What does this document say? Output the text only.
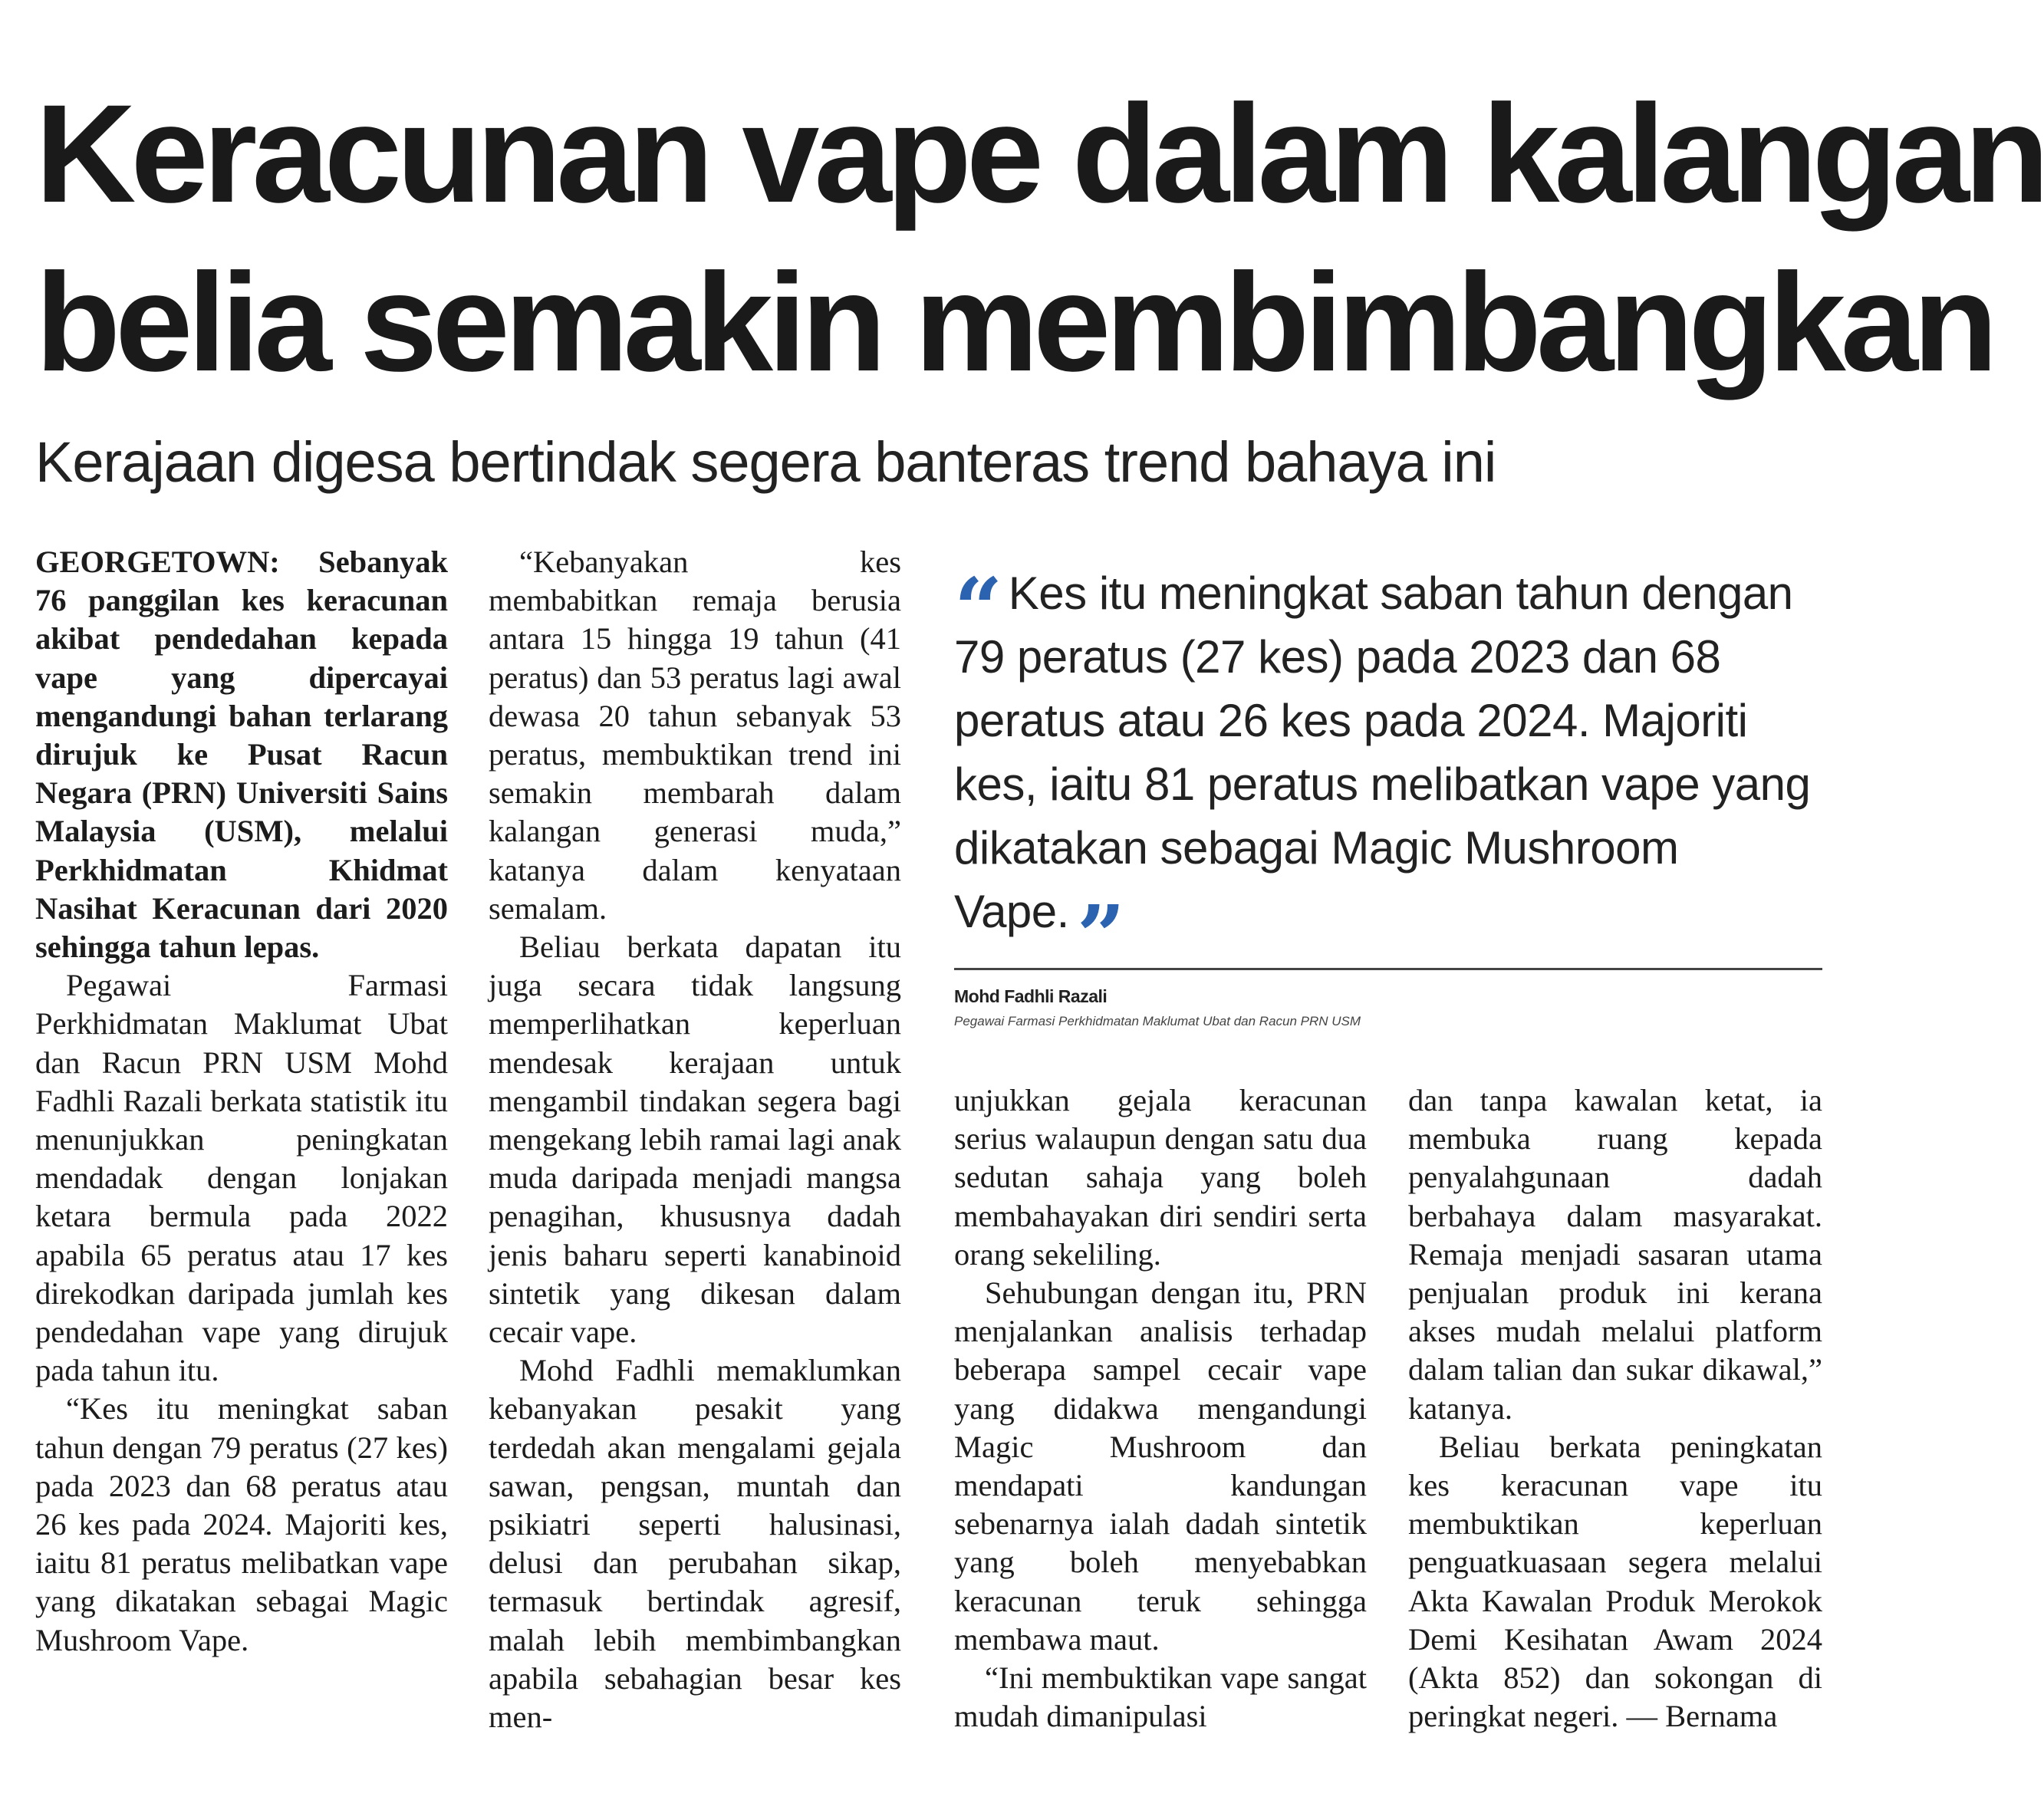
Keracunan vape dalam kalangan
belia semakin membimbangkan
Kerajaan digesa bertindak segera banteras trend bahaya ini

GEORGETOWN: Sebanyak 76 panggilan kes keracunan akibat pendedahan kepada vape yang dipercayai mengandungi bahan terlarang dirujuk ke Pusat Racun Negara (PRN) Universiti Sains Malaysia (USM), melalui Perkhidmatan Khidmat Nasihat Keracunan dari 2020 sehingga tahun lepas.

Pegawai Farmasi Perkhidmatan Maklumat Ubat dan Racun PRN USM Mohd Fadhli Razali berkata statistik itu menunjukkan peningkatan mendadak dengan lonjakan ketara bermula pada 2022 apabila 65 peratus atau 17 kes direkodkan daripada jumlah kes pendedahan vape yang dirujuk pada tahun itu.

“Kes itu meningkat saban tahun dengan 79 peratus (27 kes) pada 2023 dan 68 peratus atau 26 kes pada 2024. Majoriti kes, iaitu 81 peratus melibatkan vape yang dikatakan sebagai Magic Mushroom Vape.

“Kebanyakan kes membabitkan remaja berusia antara 15 hingga 19 tahun (41 peratus) dan 53 peratus lagi awal dewasa 20 tahun sebanyak 53 peratus, membuktikan trend ini semakin membarah dalam kalangan generasi muda,” katanya dalam kenyataan semalam.

Beliau berkata dapatan itu juga secara tidak langsung memperlihatkan keperluan mendesak kerajaan untuk mengambil tindakan segera bagi mengekang lebih ramai lagi anak muda daripada menjadi mangsa penagihan, khususnya dadah jenis baharu seperti kanabinoid sintetik yang dikesan dalam cecair vape.

Mohd Fadhli memaklumkan kebanyakan pesakit yang terdedah akan mengalami gejala sawan, pengsan, muntah dan psikiatri seperti halusinasi, delusi dan perubahan sikap, termasuk bertindak agresif, malah lebih membimbangkan apabila sebahagian besar kes men-

“ Kes itu meningkat saban tahun dengan 79 peratus (27 kes) pada 2023 dan 68 peratus atau 26 kes pada 2024. Majoriti kes, iaitu 81 peratus melibatkan vape yang dikatakan sebagai Magic Mushroom Vape.”
Mohd Fadhli Razali
Pegawai Farmasi Perkhidmatan Maklumat Ubat dan Racun PRN USM

unjukkan gejala keracunan serius walaupun dengan satu dua sedutan sahaja yang boleh membahayakan diri sendiri serta orang sekeliling.

Sehubungan dengan itu, PRN menjalankan analisis terhadap beberapa sampel cecair vape yang didakwa mengandungi Magic Mushroom dan mendapati kandungan sebenarnya ialah dadah sintetik yang boleh menyebabkan keracunan teruk sehingga membawa maut.

“Ini membuktikan vape sangat mudah dimanipulasi

dan tanpa kawalan ketat, ia membuka ruang kepada penyalahgunaan dadah berbahaya dalam masyarakat. Remaja menjadi sasaran utama penjualan produk ini kerana akses mudah melalui platform dalam talian dan sukar dikawal,” katanya.

Beliau berkata peningkatan kes keracunan vape itu membuktikan keperluan penguatkuasaan segera melalui Akta Kawalan Produk Merokok Demi Kesihatan Awam 2024 (Akta 852) dan sokongan di peringkat negeri. — Bernama
